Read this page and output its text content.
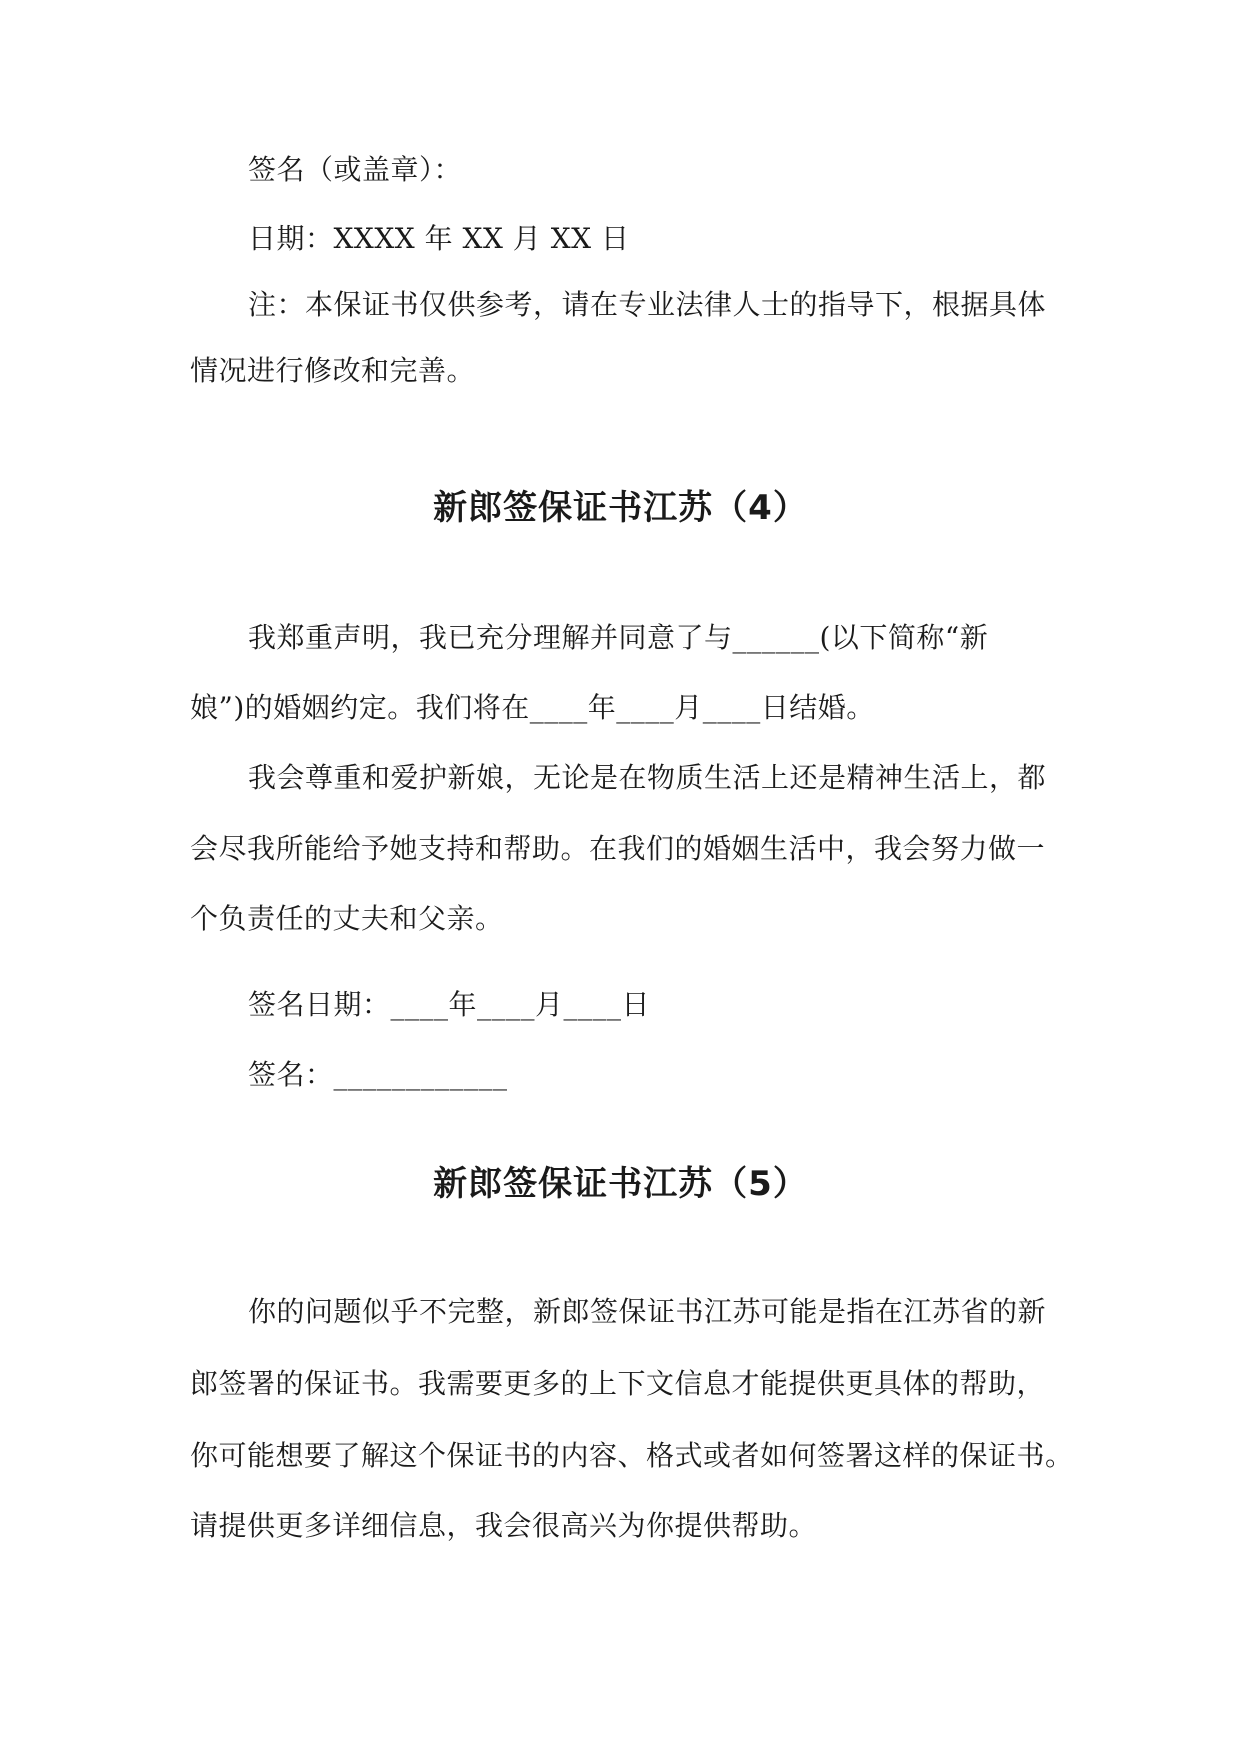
签名（或盖章）：
日期：XXXX 年 XX 月 XX 日
注：本保证书仅供参考，请在专业法律人士的指导下，根据具体
情况进行修改和完善。
新郎签保证书江苏（4）
我郑重声明，我已充分理解并同意了与______(以下简称“新
娘”)的婚姻约定。我们将在____年____月____日结婚。
我会尊重和爱护新娘，无论是在物质生活上还是精神生活上，都
会尽我所能给予她支持和帮助。在我们的婚姻生活中，我会努力做一
个负责任的丈夫和父亲。
签名日期：____年____月____日
签名：____________
新郎签保证书江苏（5）
你的问题似乎不完整，新郎签保证书江苏可能是指在江苏省的新
郎签署的保证书。我需要更多的上下文信息才能提供更具体的帮助，
你可能想要了解这个保证书的内容、格式或者如何签署这样的保证书。
请提供更多详细信息，我会很高兴为你提供帮助。
